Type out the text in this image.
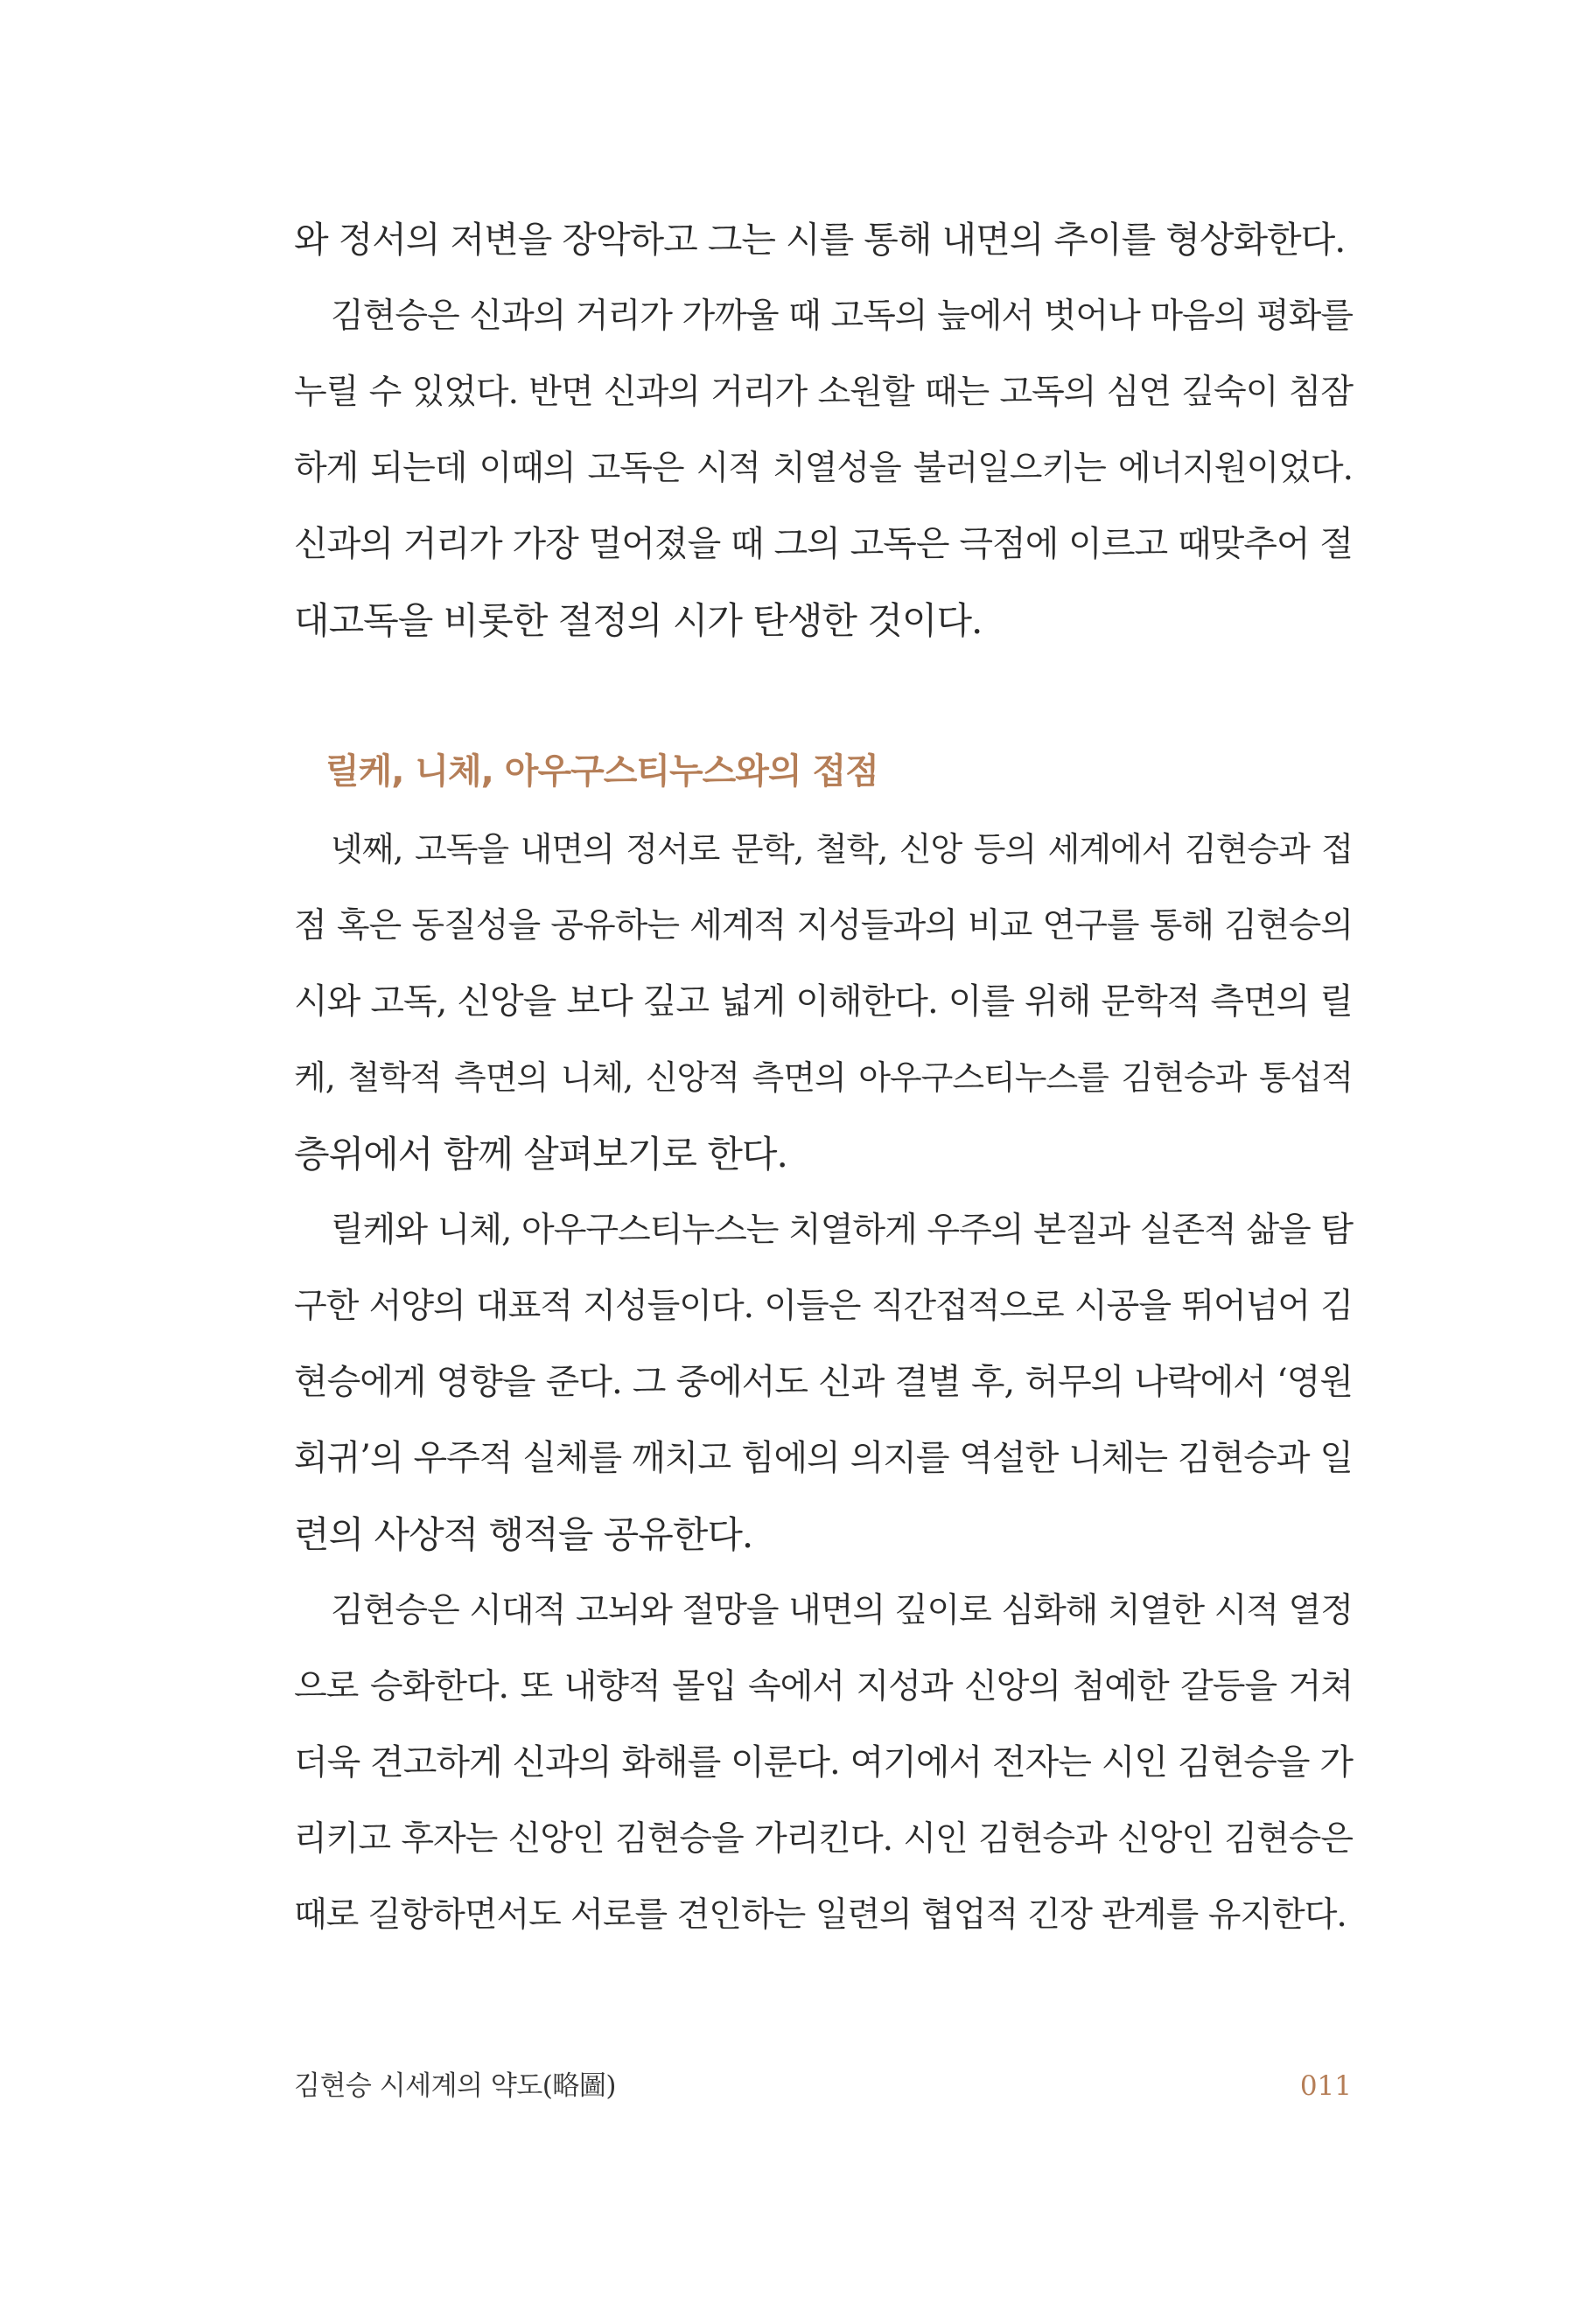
와 정서의 저변을 장악하고 그는 시를 통해 내면의 추이를 형상화한다.
김현승은 신과의 거리가 가까울 때 고독의 늪에서 벗어나 마음의 평화를
누릴 수 있었다. 반면 신과의 거리가 소원할 때는 고독의 심연 깊숙이 침잠
하게 되는데 이때의 고독은 시적 치열성을 불러일으키는 에너지원이었다.
신과의 거리가 가장 멀어졌을 때 그의 고독은 극점에 이르고 때맞추어 절
대고독을 비롯한 절정의 시가 탄생한 것이다.
릴케, 니체, 아우구스티누스와의 접점
넷째, 고독을 내면의 정서로 문학, 철학, 신앙 등의 세계에서 김현승과 접
점 혹은 동질성을 공유하는 세계적 지성들과의 비교 연구를 통해 김현승의
시와 고독, 신앙을 보다 깊고 넓게 이해한다. 이를 위해 문학적 측면의 릴
케, 철학적 측면의 니체, 신앙적 측면의 아우구스티누스를 김현승과 통섭적
층위에서 함께 살펴보기로 한다.
릴케와 니체, 아우구스티누스는 치열하게 우주의 본질과 실존적 삶을 탐
구한 서양의 대표적 지성들이다. 이들은 직간접적으로 시공을 뛰어넘어 김
현승에게 영향을 준다. 그 중에서도 신과 결별 후, 허무의 나락에서 ‘영원
회귀’의 우주적 실체를 깨치고 힘에의 의지를 역설한 니체는 김현승과 일
련의 사상적 행적을 공유한다.
김현승은 시대적 고뇌와 절망을 내면의 깊이로 심화해 치열한 시적 열정
으로 승화한다. 또 내향적 몰입 속에서 지성과 신앙의 첨예한 갈등을 거쳐
더욱 견고하게 신과의 화해를 이룬다. 여기에서 전자는 시인 김현승을 가
리키고 후자는 신앙인 김현승을 가리킨다. 시인 김현승과 신앙인 김현승은
때로 길항하면서도 서로를 견인하는 일련의 협업적 긴장 관계를 유지한다.
김현승 시세계의 약도(略圖)	011
